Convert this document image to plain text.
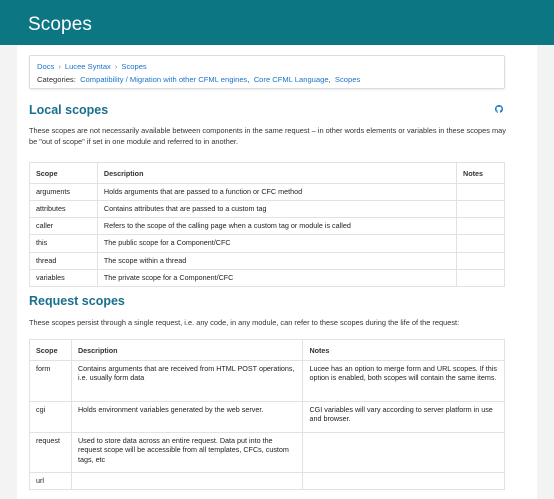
Scopes
Docs › Lucee Syntax › Scopes
Categories: Compatibility / Migration with other CFML engines,  Core CFML Language,  Scopes
Local scopes
These scopes are not necessarily available between components in the same request – in other words elements or variables in these scopes may be "out of scope" if set in one module and referred to in another.
Scope	Description	Notes
arguments	Holds arguments that are passed to a function or CFC method	
attributes	Contains attributes that are passed to a custom tag	
caller	Refers to the scope of the calling page when a custom tag or module is called	
this	The public scope for a Component/CFC	
thread	The scope within a thread	
variables	The private scope for a Component/CFC	
Request scopes
These scopes persist through a single request, i.e. any code, in any module, can refer to these scopes during the life of the request:
Scope	Description	Notes
form	Contains arguments that are received from HTML POST operations, i.e. usually form data	Lucee has an option to merge form and URL scopes. If this option is enabled, both scopes will contain the same items.
cgi	Holds environment variables generated by the web server.	CGI variables will vary according to server platform in use and browser.
request	Used to store data across an entire request. Data put into the request scope will be accessible from all templates, CFCs, custom tags, etc	
url		
